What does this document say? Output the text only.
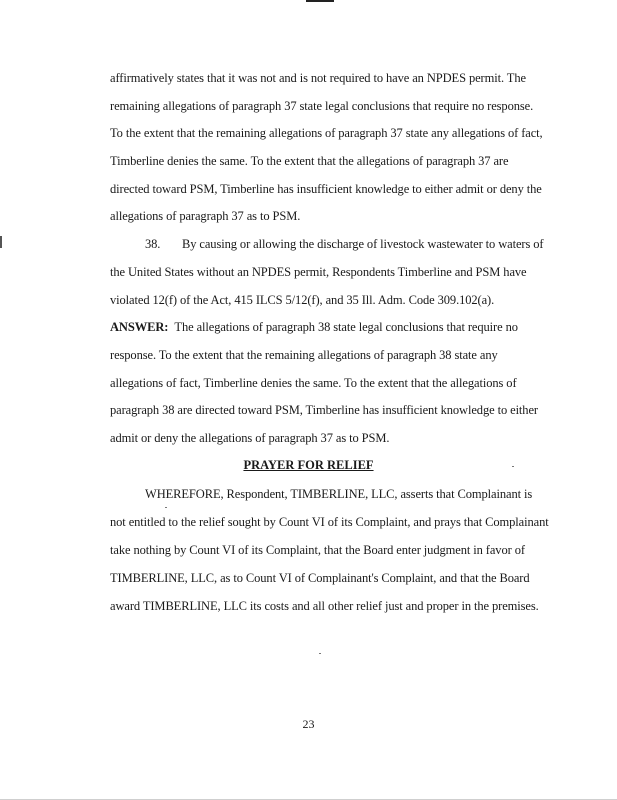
affirmatively states that it was not and is not required to have an NPDES permit. The
remaining allegations of paragraph 37 state legal conclusions that require no response.
To the extent that the remaining allegations of paragraph 37 state any allegations of fact,
Timberline denies the same. To the extent that the allegations of paragraph 37 are
directed toward PSM, Timberline has insufficient knowledge to either admit or deny the
allegations of paragraph 37 as to PSM.
38. By causing or allowing the discharge of livestock wastewater to waters of
the United States without an NPDES permit, Respondents Timberline and PSM have
violated 12(f) of the Act, 415 ILCS 5/12(f), and 35 Ill. Adm. Code 309.102(a).
ANSWER: The allegations of paragraph 38 state legal conclusions that require no
response. To the extent that the remaining allegations of paragraph 38 state any
allegations of fact, Timberline denies the same. To the extent that the allegations of
paragraph 38 are directed toward PSM, Timberline has insufficient knowledge to either
admit or deny the allegations of paragraph 37 as to PSM.
PRAYER FOR RELIEF
WHEREFORE, Respondent, TIMBERLINE, LLC, asserts that Complainant is
not entitled to the relief sought by Count VI of its Complaint, and prays that Complainant
take nothing by Count VI of its Complaint, that the Board enter judgment in favor of
TIMBERLINE, LLC, as to Count VI of Complainant's Complaint, and that the Board
award TIMBERLINE, LLC its costs and all other relief just and proper in the premises.
23
